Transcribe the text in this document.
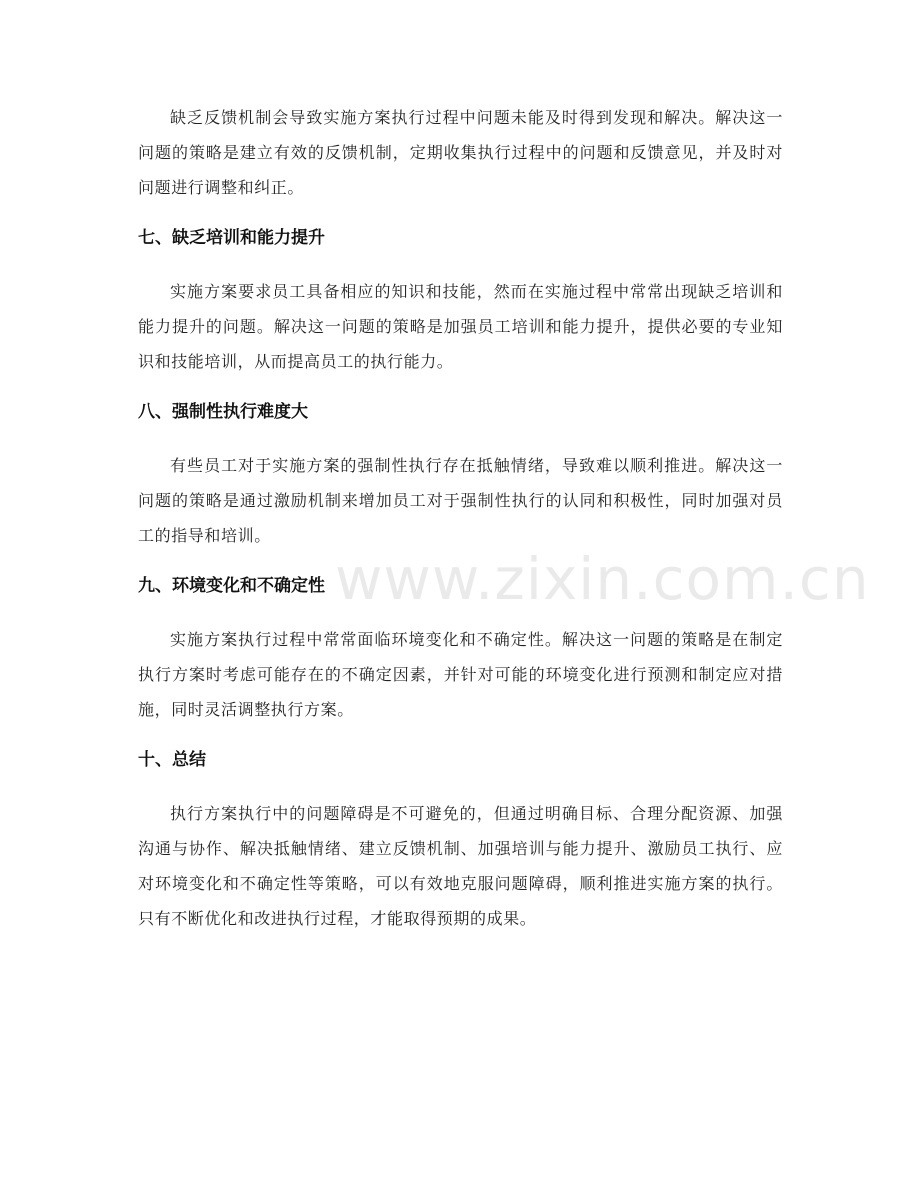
缺乏反馈机制会导致实施方案执行过程中问题未能及时得到发现和解决。解决这一问题的策略是建立有效的反馈机制，定期收集执行过程中的问题和反馈意见，并及时对问题进行调整和纠正。

七、缺乏培训和能力提升

实施方案要求员工具备相应的知识和技能，然而在实施过程中常常出现缺乏培训和能力提升的问题。解决这一问题的策略是加强员工培训和能力提升，提供必要的专业知识和技能培训，从而提高员工的执行能力。

八、强制性执行难度大

有些员工对于实施方案的强制性执行存在抵触情绪，导致难以顺利推进。解决这一问题的策略是通过激励机制来增加员工对于强制性执行的认同和积极性，同时加强对员工的指导和培训。

九、环境变化和不确定性

实施方案执行过程中常常面临环境变化和不确定性。解决这一问题的策略是在制定执行方案时考虑可能存在的不确定因素，并针对可能的环境变化进行预测和制定应对措施，同时灵活调整执行方案。

十、总结

执行方案执行中的问题障碍是不可避免的，但通过明确目标、合理分配资源、加强沟通与协作、解决抵触情绪、建立反馈机制、加强培训与能力提升、激励员工执行、应对环境变化和不确定性等策略，可以有效地克服问题障碍，顺利推进实施方案的执行。只有不断优化和改进执行过程，才能取得预期的成果。

www.zixin.com.cn
